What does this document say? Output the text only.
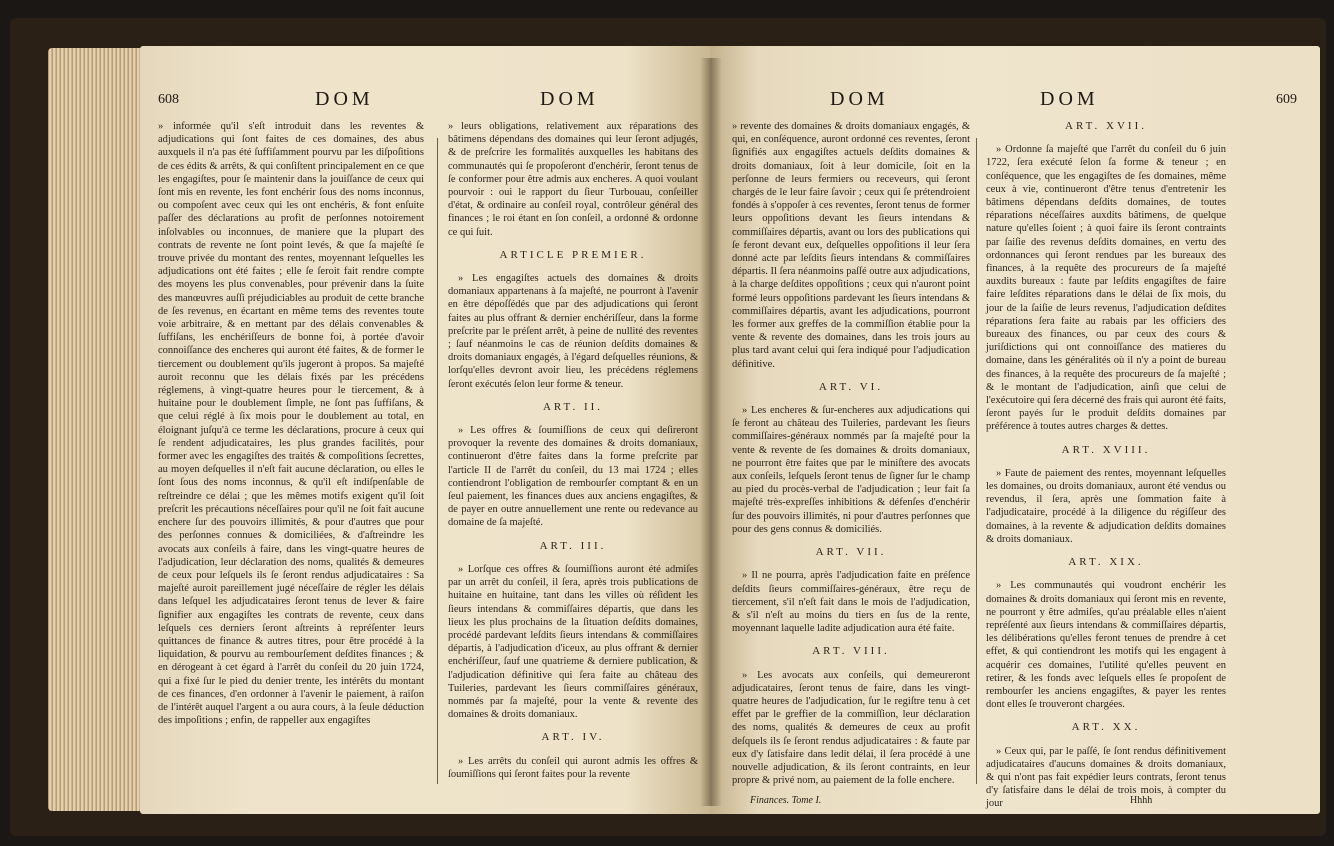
608	DOM	DOM

» informée qu'il s'eſt introduit dans les reventes & adjudications qui ſont faites de ces domaines, des abus auxquels il n'a pas été ſuffiſamment pourvu par les diſpoſitions de ces édits & arrêts, & qui conſiſtent principalement en ce que les engagiſtes, pour ſe maintenir dans la jouiſſance de ceux qui ſont mis en revente, les font enchérir ſous des noms inconnus, ou compoſent avec ceux qui les ont enchéris, & font enſuite paſſer des déclarations au profit de perſonnes notoirement inſolvables ou inconnues, de maniere que la plupart des contrats de revente ne ſont point levés, & que ſa majeſté ſe trouve privée du montant des rentes, moyennant leſquelles les adjudications ont été faites ; elle ſe ſeroit fait rendre compte des moyens les plus convenables, pour prévenir dans la ſuite des manœuvres auſſi préjudiciables au produit de cette branche de ſes revenus, en écartant en même tems des reventes toute voie arbitraire, & en mettant par des délais convenables & ſuffiſans, les enchériſſeurs de bonne foi, à portée d'avoir connoiſſance des encheres qui auront été faites, & de former le tiercement ou doublement qu'ils jugeront à propos. Sa majeſté auroit reconnu que les délais fixés par les précédens réglemens, à vingt-quatre heures pour le tiercement, & à huitaine pour le doublement ſimple, ne ſont pas ſuffiſans, & que celui réglé à ſix mois pour le doublement au total, en éloignant juſqu'à ce terme les déclarations, procure à ceux qui ſe rendent adjudicataires, les plus grandes facilités, pour former avec les engagiſtes des traités & compoſitions ſecrettes, au moyen deſquelles il n'eſt fait aucune déclaration, ou elles le ſont ſous des noms inconnus, & qu'il eſt indiſpenſable de reſtreindre ce délai ; que les mêmes motifs exigent qu'il ſoit preſcrit les précautions néceſſaires pour qu'il ne ſoit fait aucune enchere ſur des pouvoirs illimités, & pour d'autres que pour des perſonnes connues & domiciliées, & d'aſtreindre les avocats aux conſeils à faire, dans les vingt-quatre heures de l'adjudication, leur déclaration des noms, qualités & demeures de ceux pour leſquels ils ſe ſeront rendus adjudicataires : Sa majeſté auroit pareillement jugé néceſſaire de régler les délais dans leſquel les adjudicataires ſeront tenus de lever & faire ſignifier aux engagiſtes les contrats de revente, ceux dans leſquels ces derniers ſeront aſtreints à repréſenter leurs quittances de finance & autres titres, pour être procédé à la liquidation, & pourvu au rembourſement deſdites finances ; & en dérogeant à cet égard à l'arrêt du conſeil du 20 juin 1724, qui a fixé ſur le pied du denier trente, les intérêts du montant de ces finances, d'en ordonner à l'avenir le paiement, à raiſon de l'intérêt auquel l'argent a ou aura cours, à la ſeule déduction des impoſitions ; enfin, de rappeller aux engagiſtes

» leurs obligations, relativement aux réparations des bâtimens dépendans des domaines qui leur ſeront adjugés, & de preſcrire les formalités auxquelles les habitans des communautés qui ſe propoſeront d'enchérir, ſeront tenus de ſe conformer pour être admis aux encheres. A quoi voulant pourvoir : oui le rapport du ſieur Turbouau, conſeiller d'état, & ordinaire au conſeil royal, contrôleur général des finances ; le roi étant en ſon conſeil, a ordonné & ordonne ce qui ſuit.

ARTICLE PREMIER.

» Les engagiſtes actuels des domaines & droits domaniaux appartenans à ſa majeſté, ne pourront à l'avenir en être dépoſſédés que par des adjudications qui ſeront faites au plus offrant & dernier enchériſſeur, dans la forme preſcrite par le préſent arrêt, à peine de nullité des reventes ; ſauf néanmoins le cas de réunion deſdits domaines & droits domaniaux engagés, à l'égard deſquelles réunions, & lorſqu'elles devront avoir lieu, les précédens réglemens ſeront exécutés ſelon leur forme & teneur.

ART. II.

» Les offres & ſoumiſſions de ceux qui deſireront provoquer la revente des domaines & droits domaniaux, continueront d'être faites dans la forme preſcrite par l'article II de l'arrêt du conſeil, du 13 mai 1724 ; elles contiendront l'obligation de rembourſer comptant & en un ſeul paiement, les finances dues aux anciens engagiſtes, & de payer en outre annuellement une rente ou redevance au domaine de ſa majeſté.

ART. III.

» Lorſque ces offres & ſoumiſſions auront été admiſes par un arrêt du conſeil, il ſera, après trois publications de huitaine en huitaine, tant dans les villes où réſident les ſieurs intendans & commiſſaires départis, que dans les lieux les plus prochains de la ſituation deſdits domaines, procédé pardevant leſdits ſieurs intendans & commiſſaires départis, à l'adjudication d'iceux, au plus offrant & dernier enchériſſeur, ſauf une quatrieme & derniere publication, & l'adjudication définitive qui ſera faite au château des Tuileries, pardevant les ſieurs commiſſaires généraux, nommés par ſa majeſté, pour la vente & revente des domaines & droits domaniaux.

ART. IV.

» Les arrêts du conſeil qui auront admis les offres & ſoumiſſions qui ſeront faites pour la revente

DOM	DOM	609

» revente des domaines & droits domaniaux engagés, & qui, en conſéquence, auront ordonné ces reventes, ſeront ſignifiés aux engagiſtes actuels deſdits domaines & droits domaniaux, ſoit à leur domicile, ſoit en la perſonne de leurs fermiers ou receveurs, qui ſeront chargés de le leur faire ſavoir ; ceux qui ſe prétendroient fondés à s'oppoſer à ces reventes, ſeront tenus de former leurs oppoſitions devant les ſieurs intendans & commiſſaires départis, avant ou lors des publications qui ſe feront devant eux, deſquelles oppoſitions il leur ſera donné acte par leſdits ſieurs intendans & commiſſaires départis. Il ſera néanmoins paſſé outre aux adjudications, à la charge deſdites oppoſitions ; ceux qui n'auront point formé leurs oppoſitions pardevant les ſieurs intendans & commiſſaires départis, avant les adjudications, pourront les former aux greffes de la commiſſion établie pour la vente & revente des domaines, dans les trois jours au plus tard avant celui qui ſera indiqué pour l'adjudication définitive.

ART. VI.

» Les encheres & ſur-encheres aux adjudications qui ſe feront au château des Tuileries, pardevant les ſieurs commiſſaires-généraux nommés par ſa majeſté pour la vente & revente de ſes domaines & droits domaniaux, ne pourront être faites que par le miniſtere des avocats aux conſeils, leſquels ſeront tenus de ſigner ſur le champ au pied du procès-verbal de l'adjudication ; leur fait ſa majeſté très-expreſſes inhibitions & défenſes d'enchérir ſur des pouvoirs illimités, ni pour d'autres perſonnes que pour des gens connus & domiciliés.

ART. VII.

» Il ne pourra, après l'adjudication faite en préſence deſdits ſieurs commiſſaires-généraux, être reçu de tiercement, s'il n'eſt fait dans le mois de l'adjudication, & s'il n'eſt au moins du tiers en ſus de la rente, moyennant laquelle ladite adjudication aura été faite.

ART. VIII.

» Les avocats aux conſeils, qui demeureront adjudicataires, ſeront tenus de faire, dans les vingt-quatre heures de l'adjudication, ſur le regiſtre tenu à cet effet par le greffier de la commiſſion, leur déclaration des noms, qualités & demeures de ceux au profit deſquels ils ſe ſeront rendus adjudicataires : & faute par eux d'y ſatisfaire dans ledit délai, il ſera procédé à une nouvelle adjudication, & ils ſeront contraints, en leur propre & privé nom, au paiement de la folle enchere.

Finances. Tome I.	Hhhh
ART. XVII.

» Ordonne ſa majeſté que l'arrêt du conſeil du 6 juin 1722, ſera exécuté ſelon ſa forme & teneur ; en conſéquence, que les engagiſtes de ſes domaines, même ceux à vie, continueront d'être tenus d'entretenir les bâtimens dépendans deſdits domaines, de toutes réparations néceſſaires auxdits bâtimens, de quelque nature qu'elles ſoient ; à quoi faire ils ſeront contraints par ſaiſie des revenus deſdits domaines, en vertu des ordonnances qui ſeront rendues par les bureaux des finances, à la requête des procureurs de ſa majeſté auxdits bureaux : faute par leſdits engagiſtes de faire faire leſdites réparations dans le délai de ſix mois, du jour de la ſaiſie de leurs revenus, l'adjudication deſdites réparations ſera faite au rabais par les officiers des bureaux des finances, ou par ceux des cours & juriſdictions qui ont connoiſſance des matieres du domaine, dans les généralités où il n'y a point de bureau des finances, à la requête des procureurs de ſa majeſté ; & le montant de l'adjudication, ainſi que celui de l'exécutoire qui ſera décerné des frais qui auront été faits, ſeront payés ſur le produit deſdits domaines par préférence à toutes autres charges & dettes.

ART. XVIII.

» Faute de paiement des rentes, moyennant leſquelles les domaines, ou droits domaniaux, auront été vendus ou revendus, il ſera, après une ſommation faite à l'adjudicataire, procédé à la diligence du régiſſeur des domaines, à la revente & adjudication deſdits domaines & droits domaniaux.

ART. XIX.

» Les communautés qui voudront enchérir les domaines & droits domaniaux qui ſeront mis en revente, ne pourront y être admiſes, qu'au préalable elles n'aient repréſenté aux ſieurs intendans & commiſſaires départis, les délibérations qu'elles feront tenues de prendre à cet effet, & qui contiendront les motifs qui les engagent à acquérir ces domaines, l'utilité qu'elles peuvent en retirer, & les fonds avec leſquels elles ſe propoſent de rembourſer les anciens engagiſtes, & payer les rentes dont elles ſe trouveront chargées.

ART. XX.

» Ceux qui, par le paſſé, ſe ſont rendus définitivement adjudicataires d'aucuns domaines & droits domaniaux, & qui n'ont pas fait expédier leurs contrats, ſeront tenus d'y ſatisfaire dans le délai de trois mois, à compter du jour
